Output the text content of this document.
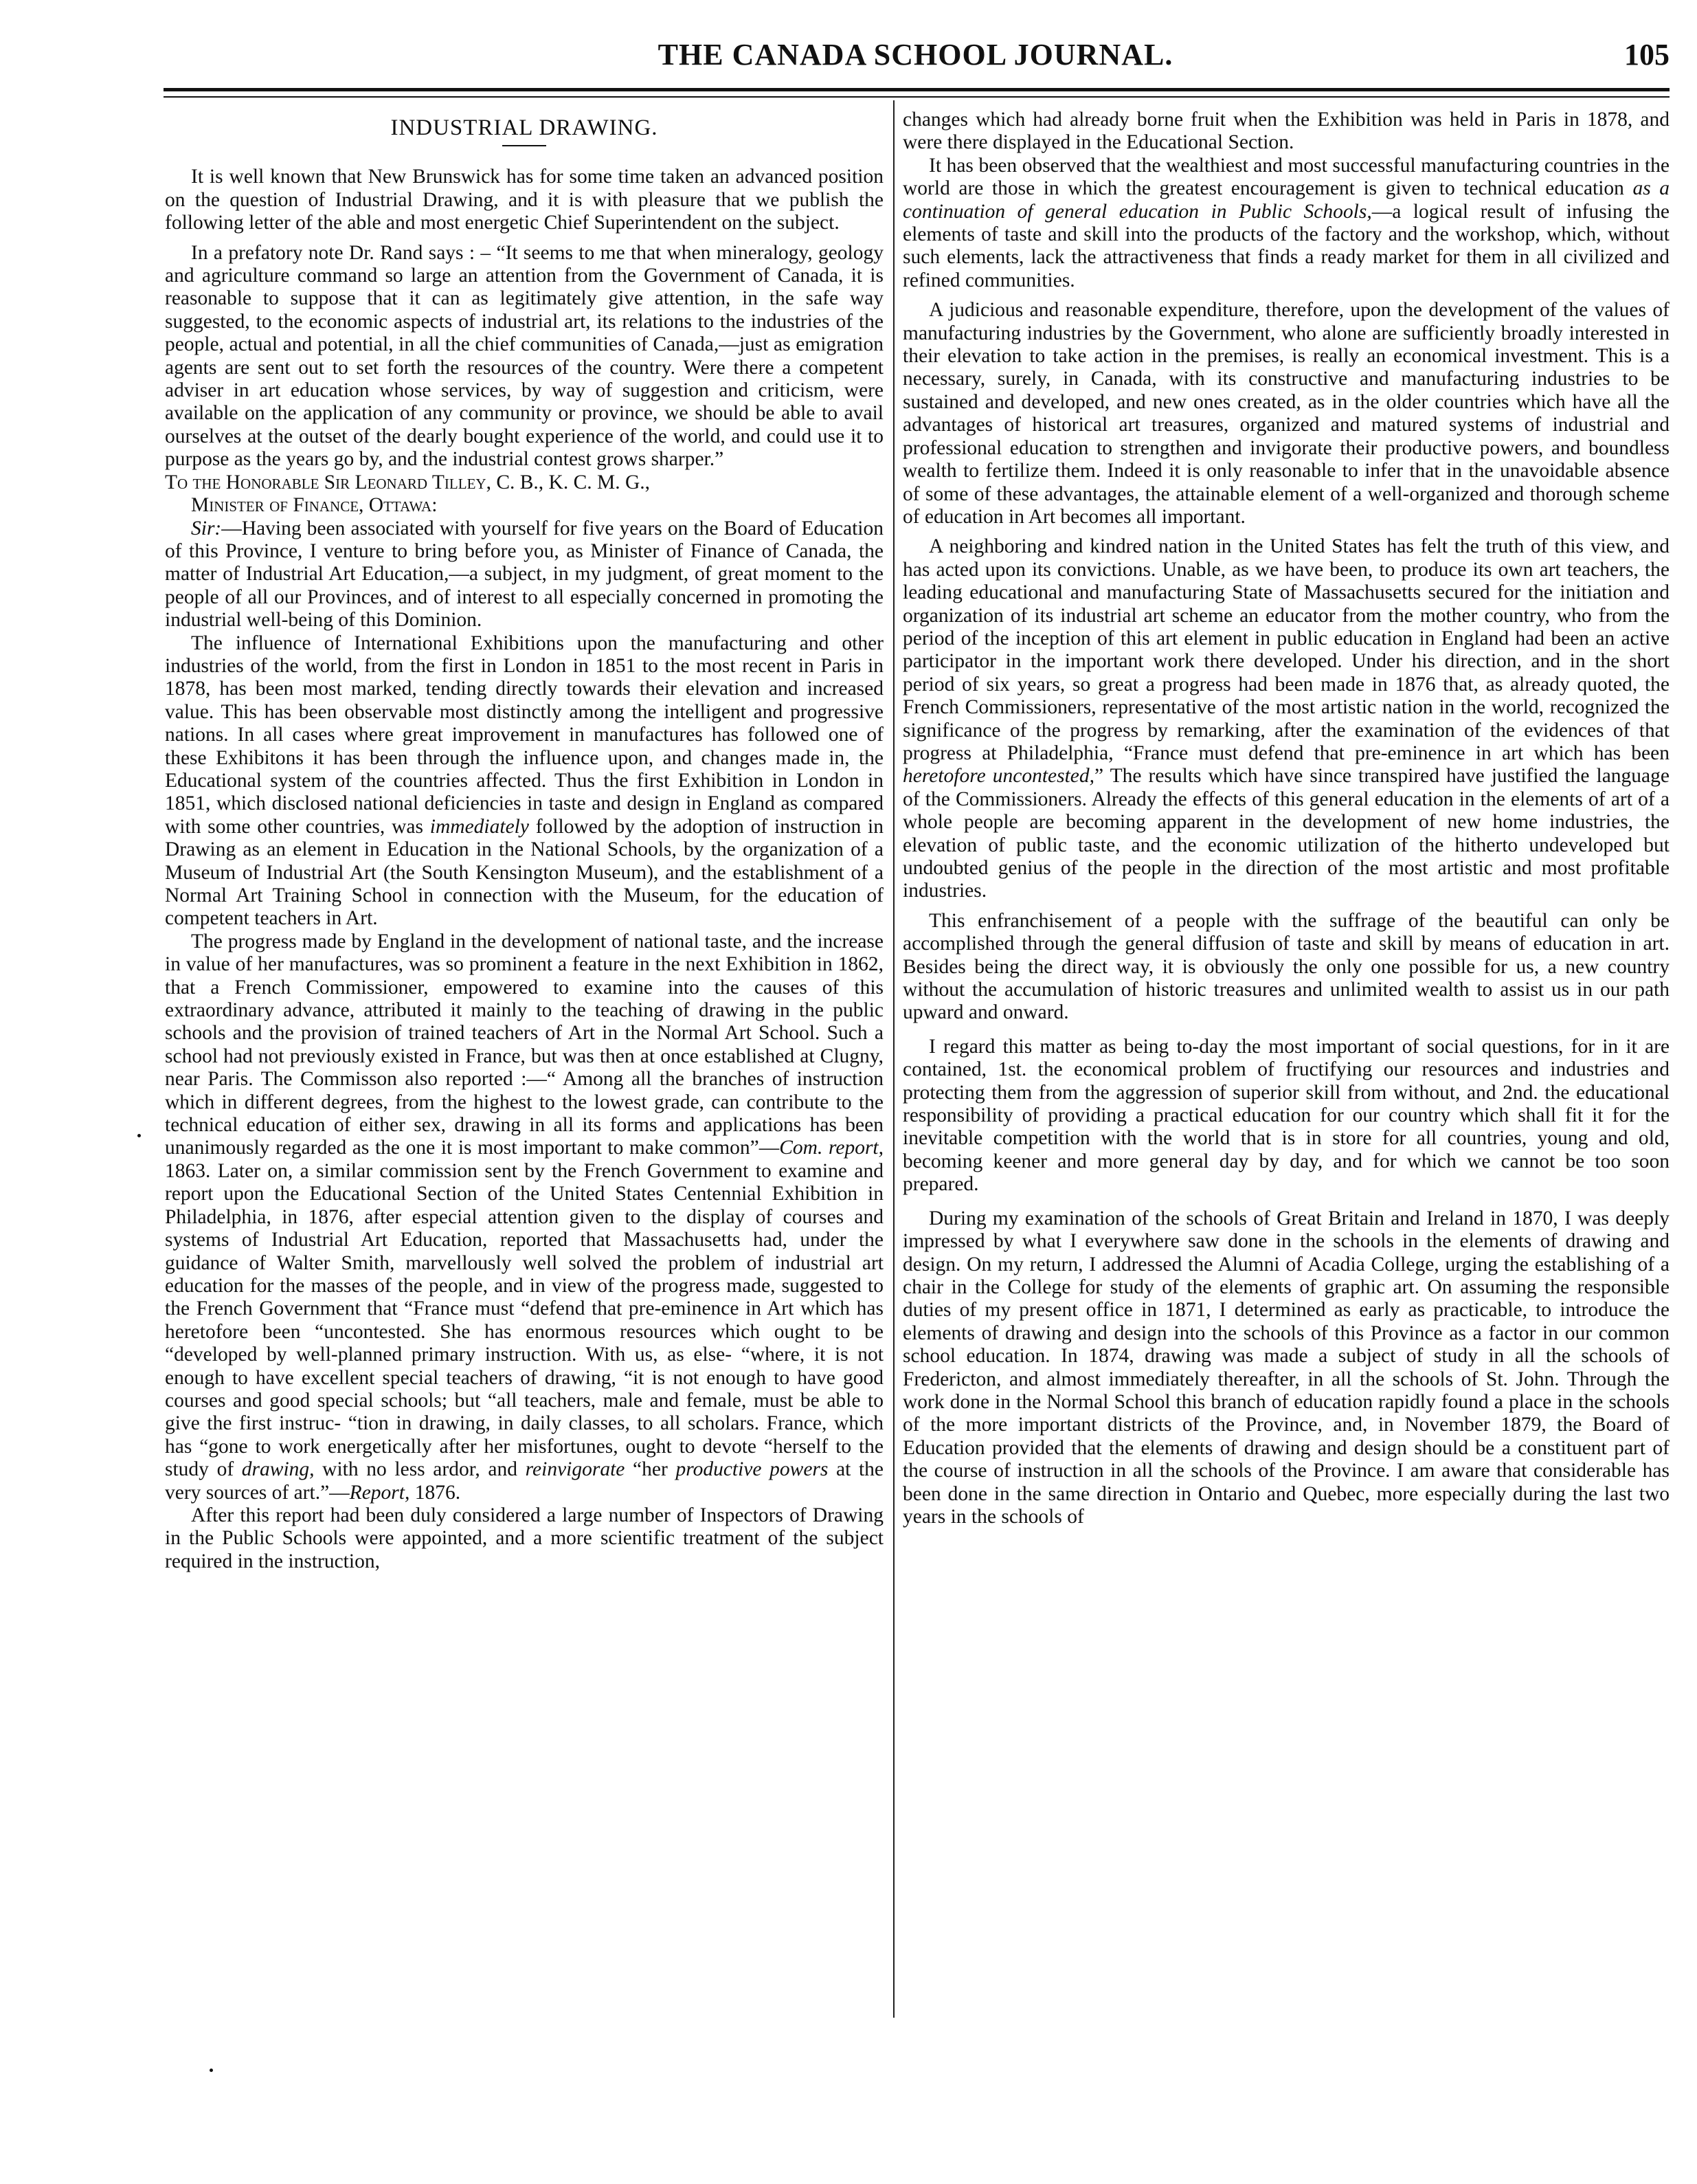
THE CANADA SCHOOL JOURNAL.	105
INDUSTRIAL DRAWING.

It is well known that New Brunswick has for some time taken an advanced position on the question of Industrial Drawing, and it is with pleasure that we publish the following letter of the able and most energetic Chief Superintendent on the subject.

In a prefatory note Dr. Rand says : – “It seems to me that when mineralogy, geology and agriculture command so large an attention from the Government of Canada, it is reasonable to suppose that it can as legitimately give attention, in the safe way suggested, to the economic aspects of industrial art, its relations to the industries of the people, actual and potential, in all the chief communities of Canada,—just as emigration agents are sent out to set forth the resources of the country. Were there a competent adviser in art education whose services, by way of suggestion and criticism, were available on the application of any community or province, we should be able to avail ourselves at the outset of the dearly bought experience of the world, and could use it to purpose as the years go by, and the industrial contest grows sharper.”

To the Honorable Sir Leonard Tilley, C. B., K. C. M. G.,

Minister of Finance, Ottawa:

Sir:—Having been associated with yourself for five years on the Board of Education of this Province, I venture to bring before you, as Minister of Finance of Canada, the matter of Industrial Art Education,—a subject, in my judgment, of great moment to the people of all our Provinces, and of interest to all especially concerned in promoting the industrial well-being of this Dominion.

The influence of International Exhibitions upon the manufacturing and other industries of the world, from the first in London in 1851 to the most recent in Paris in 1878, has been most marked, tending directly towards their elevation and increased value. This has been observable most distinctly among the intelligent and progressive nations. In all cases where great improvement in manufactures has followed one of these Exhibitons it has been through the influence upon, and changes made in, the Educational system of the countries affected. Thus the first Exhibition in London in 1851, which disclosed national deficiencies in taste and design in England as compared with some other countries, was immediately followed by the adoption of instruction in Drawing as an element in Education in the National Schools, by the organization of a Museum of Industrial Art (the South Kensington Museum), and the establishment of a Normal Art Training School in connection with the Museum, for the education of competent teachers in Art.

The progress made by England in the development of national taste, and the increase in value of her manufactures, was so prominent a feature in the next Exhibition in 1862, that a French Commissioner, empowered to examine into the causes of this extraordinary advance, attributed it mainly to the teaching of drawing in the public schools and the provision of trained teachers of Art in the Normal Art School. Such a school had not previously existed in France, but was then at once established at Clugny, near Paris. The Commisson also reported :—“ Among all the branches of instruction which in different degrees, from the highest to the lowest grade, can contribute to the technical education of either sex, drawing in all its forms and applications has been unanimously regarded as the one it is most important to make common”—Com. report, 1863. Later on, a similar commission sent by the French Government to examine and report upon the Educational Section of the United States Centennial Exhibition in Philadelphia, in 1876, after especial attention given to the display of courses and systems of Industrial Art Education, reported that Massachusetts had, under the guidance of Walter Smith, marvellously well solved the problem of industrial art education for the masses of the people, and in view of the progress made, suggested to the French Government that “France must “defend that pre-eminence in Art which has heretofore been “uncontested. She has enormous resources which ought to be “developed by well-planned primary instruction. With us, as else- “where, it is not enough to have excellent special teachers of drawing, “it is not enough to have good courses and good special schools; but “all teachers, male and female, must be able to give the first instruc- “tion in drawing, in daily classes, to all scholars. France, which has “gone to work energetically after her misfortunes, ought to devote “herself to the study of drawing, with no less ardor, and reinvigorate “her productive powers at the very sources of art.”—Report, 1876.

After this report had been duly considered a large number of Inspectors of Drawing in the Public Schools were appointed, and a more scientific treatment of the subject required in the instruction,

changes which had already borne fruit when the Exhibition was held in Paris in 1878, and were there displayed in the Educational Section.

It has been observed that the wealthiest and most successful manufacturing countries in the world are those in which the greatest encouragement is given to technical education as a continuation of general education in Public Schools,—a logical result of infusing the elements of taste and skill into the products of the factory and the workshop, which, without such elements, lack the attractiveness that finds a ready market for them in all civilized and refined communities.

A judicious and reasonable expenditure, therefore, upon the development of the values of manufacturing industries by the Government, who alone are sufficiently broadly interested in their elevation to take action in the premises, is really an economical investment. This is a necessary, surely, in Canada, with its constructive and manufacturing industries to be sustained and developed, and new ones created, as in the older countries which have all the advantages of historical art treasures, organized and matured systems of industrial and professional education to strengthen and invigorate their productive powers, and boundless wealth to fertilize them. Indeed it is only reasonable to infer that in the unavoidable absence of some of these advantages, the attainable element of a well-organized and thorough scheme of education in Art becomes all important.

A neighboring and kindred nation in the United States has felt the truth of this view, and has acted upon its convictions. Unable, as we have been, to produce its own art teachers, the leading educational and manufacturing State of Massachusetts secured for the initiation and organization of its industrial art scheme an educator from the mother country, who from the period of the inception of this art element in public education in England had been an active participator in the important work there developed. Under his direction, and in the short period of six years, so great a progress had been made in 1876 that, as already quoted, the French Commissioners, representative of the most artistic nation in the world, recognized the significance of the progress by remarking, after the examination of the evidences of that progress at Philadelphia, “France must defend that pre-eminence in art which has been heretofore uncontested,” The results which have since transpired have justified the language of the Commissioners. Already the effects of this general education in the elements of art of a whole people are becoming apparent in the development of new home industries, the elevation of public taste, and the economic utilization of the hitherto undeveloped but undoubted genius of the people in the direction of the most artistic and most profitable industries.

This enfranchisement of a people with the suffrage of the beautiful can only be accomplished through the general diffusion of taste and skill by means of education in art. Besides being the direct way, it is obviously the only one possible for us, a new country without the accumulation of historic treasures and unlimited wealth to assist us in our path upward and onward.

I regard this matter as being to-day the most important of social questions, for in it are contained, 1st. the economical problem of fructifying our resources and industries and protecting them from the aggression of superior skill from without, and 2nd. the educational responsibility of providing a practical education for our country which shall fit it for the inevitable competition with the world that is in store for all countries, young and old, becoming keener and more general day by day, and for which we cannot be too soon prepared.

During my examination of the schools of Great Britain and Ireland in 1870, I was deeply impressed by what I everywhere saw done in the schools in the elements of drawing and design. On my return, I addressed the Alumni of Acadia College, urging the establishing of a chair in the College for study of the elements of graphic art. On assuming the responsible duties of my present office in 1871, I determined as early as practicable, to introduce the elements of drawing and design into the schools of this Province as a factor in our common school education. In 1874, drawing was made a subject of study in all the schools of Fredericton, and almost immediately thereafter, in all the schools of St. John. Through the work done in the Normal School this branch of education rapidly found a place in the schools of the more important districts of the Province, and, in November 1879, the Board of Education provided that the elements of drawing and design should be a constituent part of the course of instruction in all the schools of the Province. I am aware that considerable has been done in the same direction in Ontario and Quebec, more especially during the last two years in the schools of
